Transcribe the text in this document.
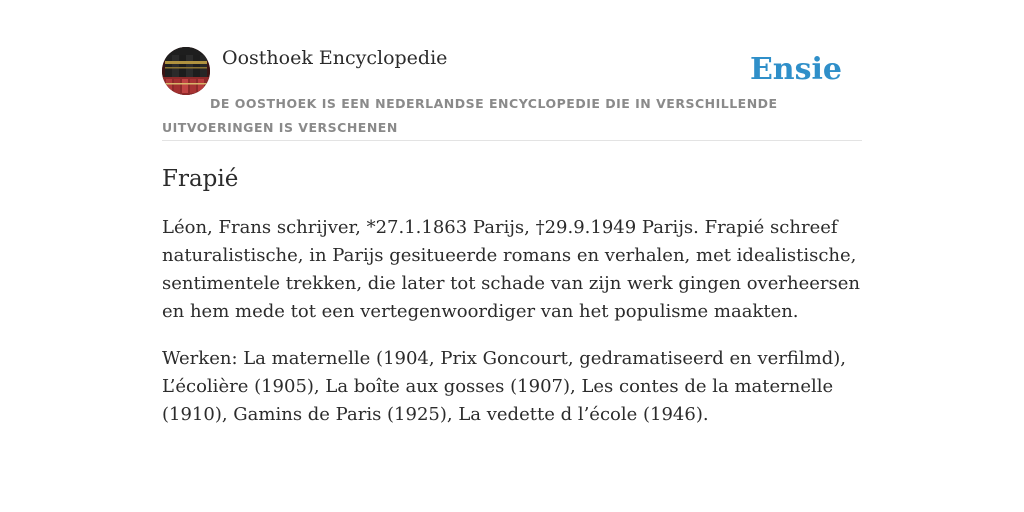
Oosthoek Encyclopedie	Ensie
DE OOSTHOEK IS EEN NEDERLANDSE ENCYCLOPEDIE DIE IN VERSCHILLENDE UITVOERINGEN IS VERSCHENEN
Frapié

Léon, Frans schrijver, *27.1.1863 Parijs, †29.9.1949 Parijs. Frapié schreef naturalistische, in Parijs gesitueerde romans en verhalen, met idealistische, sentimentele trekken, die later tot schade van zijn werk gingen overheersen en hem mede tot een vertegenwoordiger van het populisme maakten.

Werken: La maternelle (1904, Prix Goncourt, gedramatiseerd en verfilmd), L’écolière (1905), La boîte aux gosses (1907), Les contes de la maternelle (1910), Gamins de Paris (1925), La vedette d l’école (1946).
